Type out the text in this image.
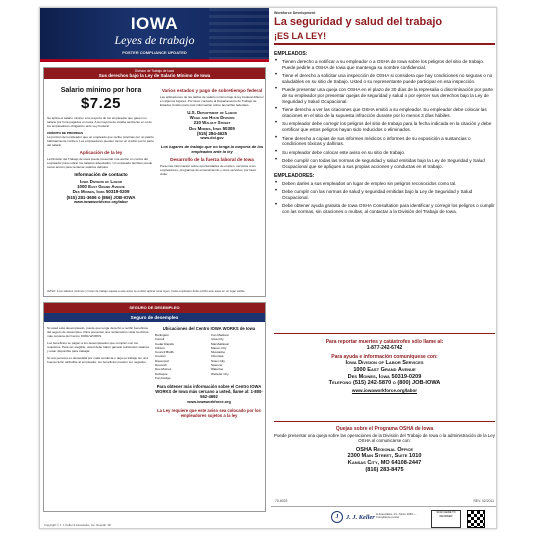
IOWA
Leyes de trabajo
POSTER COMPLIANCE UPDATED
Division de Trabajo de Iowa
Sus derechos bajo la Ley de Salario Mínimo de Iowa
Salario mínimo por hora
$7.25

Se aplica el salario mínimo a la mayoría de los empleados que ganen su salario por hora pagados en Iowa. A la mayoría de estaba tendrente en el de los empleadores obligatorio ante Ley Federal.

CRÉDITO DE PROPINAS

La porción del empleador que un empleado que recibe propinas por un patrón habitualmente reciben. Los empleadores pueden tomar un crédito por la parte del salario.

Aplicación de la ley

La División del Trabajo de Iowa puede presentar una acción en contra del empleador para cobrar los salarios adeudados. Un empleado también puede tomar acción para reclamar salarios debidos.

Información de contacto
Iowa Division of Labor
1000 East Grand Avenue
Des Moines, Iowa 50319-0209
(515) 281-3606 o (866) JOB-IOWA
www.iowaworkforce.org/labor
Varios estados y pago de sobretiempo federal

Las aplicaciones de las tarifas de salario mínimo bajo la ley Federal difieren en algunos lugares. Por favor contacte al Departamento de Trabajo de Estados Unidos para más información sobre las tarifas federales.

U.S. Department of Labor
Wage and Hour Division
210 Walnut Street
Des Moines, Iowa 50309
(515) 284-4625
www.dol.gov
Los lugares de trabajo que no tenga la mayoría de los empleados ante la ley
Desarrollo de la fuerza laboral de Iowa

Para más información sobre oportunidades de empleo, servicios a los empleadores, programas de entrenamiento y otros servicios, por favor visite:

AVISO: A los salarios mínimos y horas de trabajo sujetas a este aviso se podrán aplicar otras leyes. Cada empleador debe exhibir este aviso en un lugar visible.
SEGURO DE DESEMPLEO
Seguro de desempleo

Si usted está desempleado, puede que tenga derecho a recibir beneficios del seguro de desempleo. Para presentar una reclamación visite la oficina más cercana del Centro IOWA WORKS.

Los beneficios se pagan a los desempleados que cumplen con los requisitos. Para ser elegible, usted debe haber ganado suficientes salarios y estar disponible para trabajar.

Si una persona es despedida por mala conducta o deja su trabajo sin una buena razón atribuible al empleador, los beneficios pueden ser negados.

Ubicaciones del Centro IOWA WORKS de Iowa
Burlington	Fort Madison
Carroll	Iowa City
Cedar Rapids	Marshalltown
Clinton	Mason City
Council Bluffs	Muscatine
Creston	Ottumwa
Davenport	Sioux City
Decorah	Spencer
Des Moines	Waterloo
Dubuque	Webster City
Fort Dodge
Para obtener más información sobre el Centro IOWA WORKS de Iowa más cercano a usted, llame al: 1-800-562-4692
www.iowaworkforce.org
La Ley requiere que este aviso sea colocado por los empleadores sujetos a la ley
Copyright © J. J. Keller & Associates, Inc. Neenah, WI
Workforce Development
La seguridad y salud del trabajo
¡ES LA LEY!
EMPLEADOS:
• Tienen derecho a notificar a su empleador o a OSHA de Iowa sobre los peligros del sitio de trabajo. Puede pedirle a OSHA de Iowa que mantenga su nombre confidencial.
• Tiene el derecho a solicitar una inspección de OSHA si considera que hay condiciones no seguras o no saludables en su sitio de trabajo. Usted o su representante puede participar en esa inspección.
• Puede presentar una queja con OSHA en el plazo de 30 días de la represalia o discriminación por parte de su empleador por presentar quejas de seguridad y salud o por ejercer sus derechos bajo la Ley de Seguridad y Salud Ocupacional.
• Tiene derecho a ver las citaciones que OSHA emitió a su empleador. Su empleador debe colocar las citaciones en el sitio de la supuesta infracción durante por lo menos 3 días hábiles.
• Su empleador debe corregir los peligros del sitio de trabajo para la fecha indicada en la citación y debe certificar que estos peligros hayan sido reducidos o eliminados.
• Tiene derecho a copias de sus informes médicos o informes de su exposición a sustancias o condiciones tóxicas y dañinas.
• Su empleador debe colocar este aviso en su sitio de trabajo.
• Debe cumplir con todas las normas de seguridad y salud emitidas bajo la Ley de Seguridad y Salud Ocupacional que se apliquen a sus propias acciones y conductas en el trabajo.
EMPLEADORES:
• Deben darles a sus empleados un lugar de empleo sin peligros reconocidos como tal.
• Debe cumplir con las normas de salud y seguridad emitidas bajo la Ley de Seguridad y Salud Ocupacional.
• Debe obtener ayuda gratuita de Iowa OSHA Consultation para identificar y corregir los peligros o cumplir con las normas, sin citaciones o multas, al contactar a la División del Trabajo de Iowa.
Para reportar muertes y catástrofes sólo llame al:
1-877-242-6742
Para ayuda e información comuníquese con:
Iowa Division of Labor Services
1000 East Grand Avenue
Des Moines, Iowa 50319-0209
Telefono (515) 242-5870 o (800) JOB-IOWA
www.iowaworkforce.org/labor
Quejas sobre el Programa OSHA de Iowa
Puede presentar una queja sobre las operaciones de la División del Trabajo de Iowa o la administración de la Ley OSHA al comunicarse con:
OSHA Regional Office
2300 Main Street, Suite 1010
Kansas City, MO 64108-2447
(816) 283-8475
70-6023	REV. 02/2011
J	J. J. Keller & Associates, Inc. Since 1953 — Compliance poster
SCAN HERE TO REORDER
